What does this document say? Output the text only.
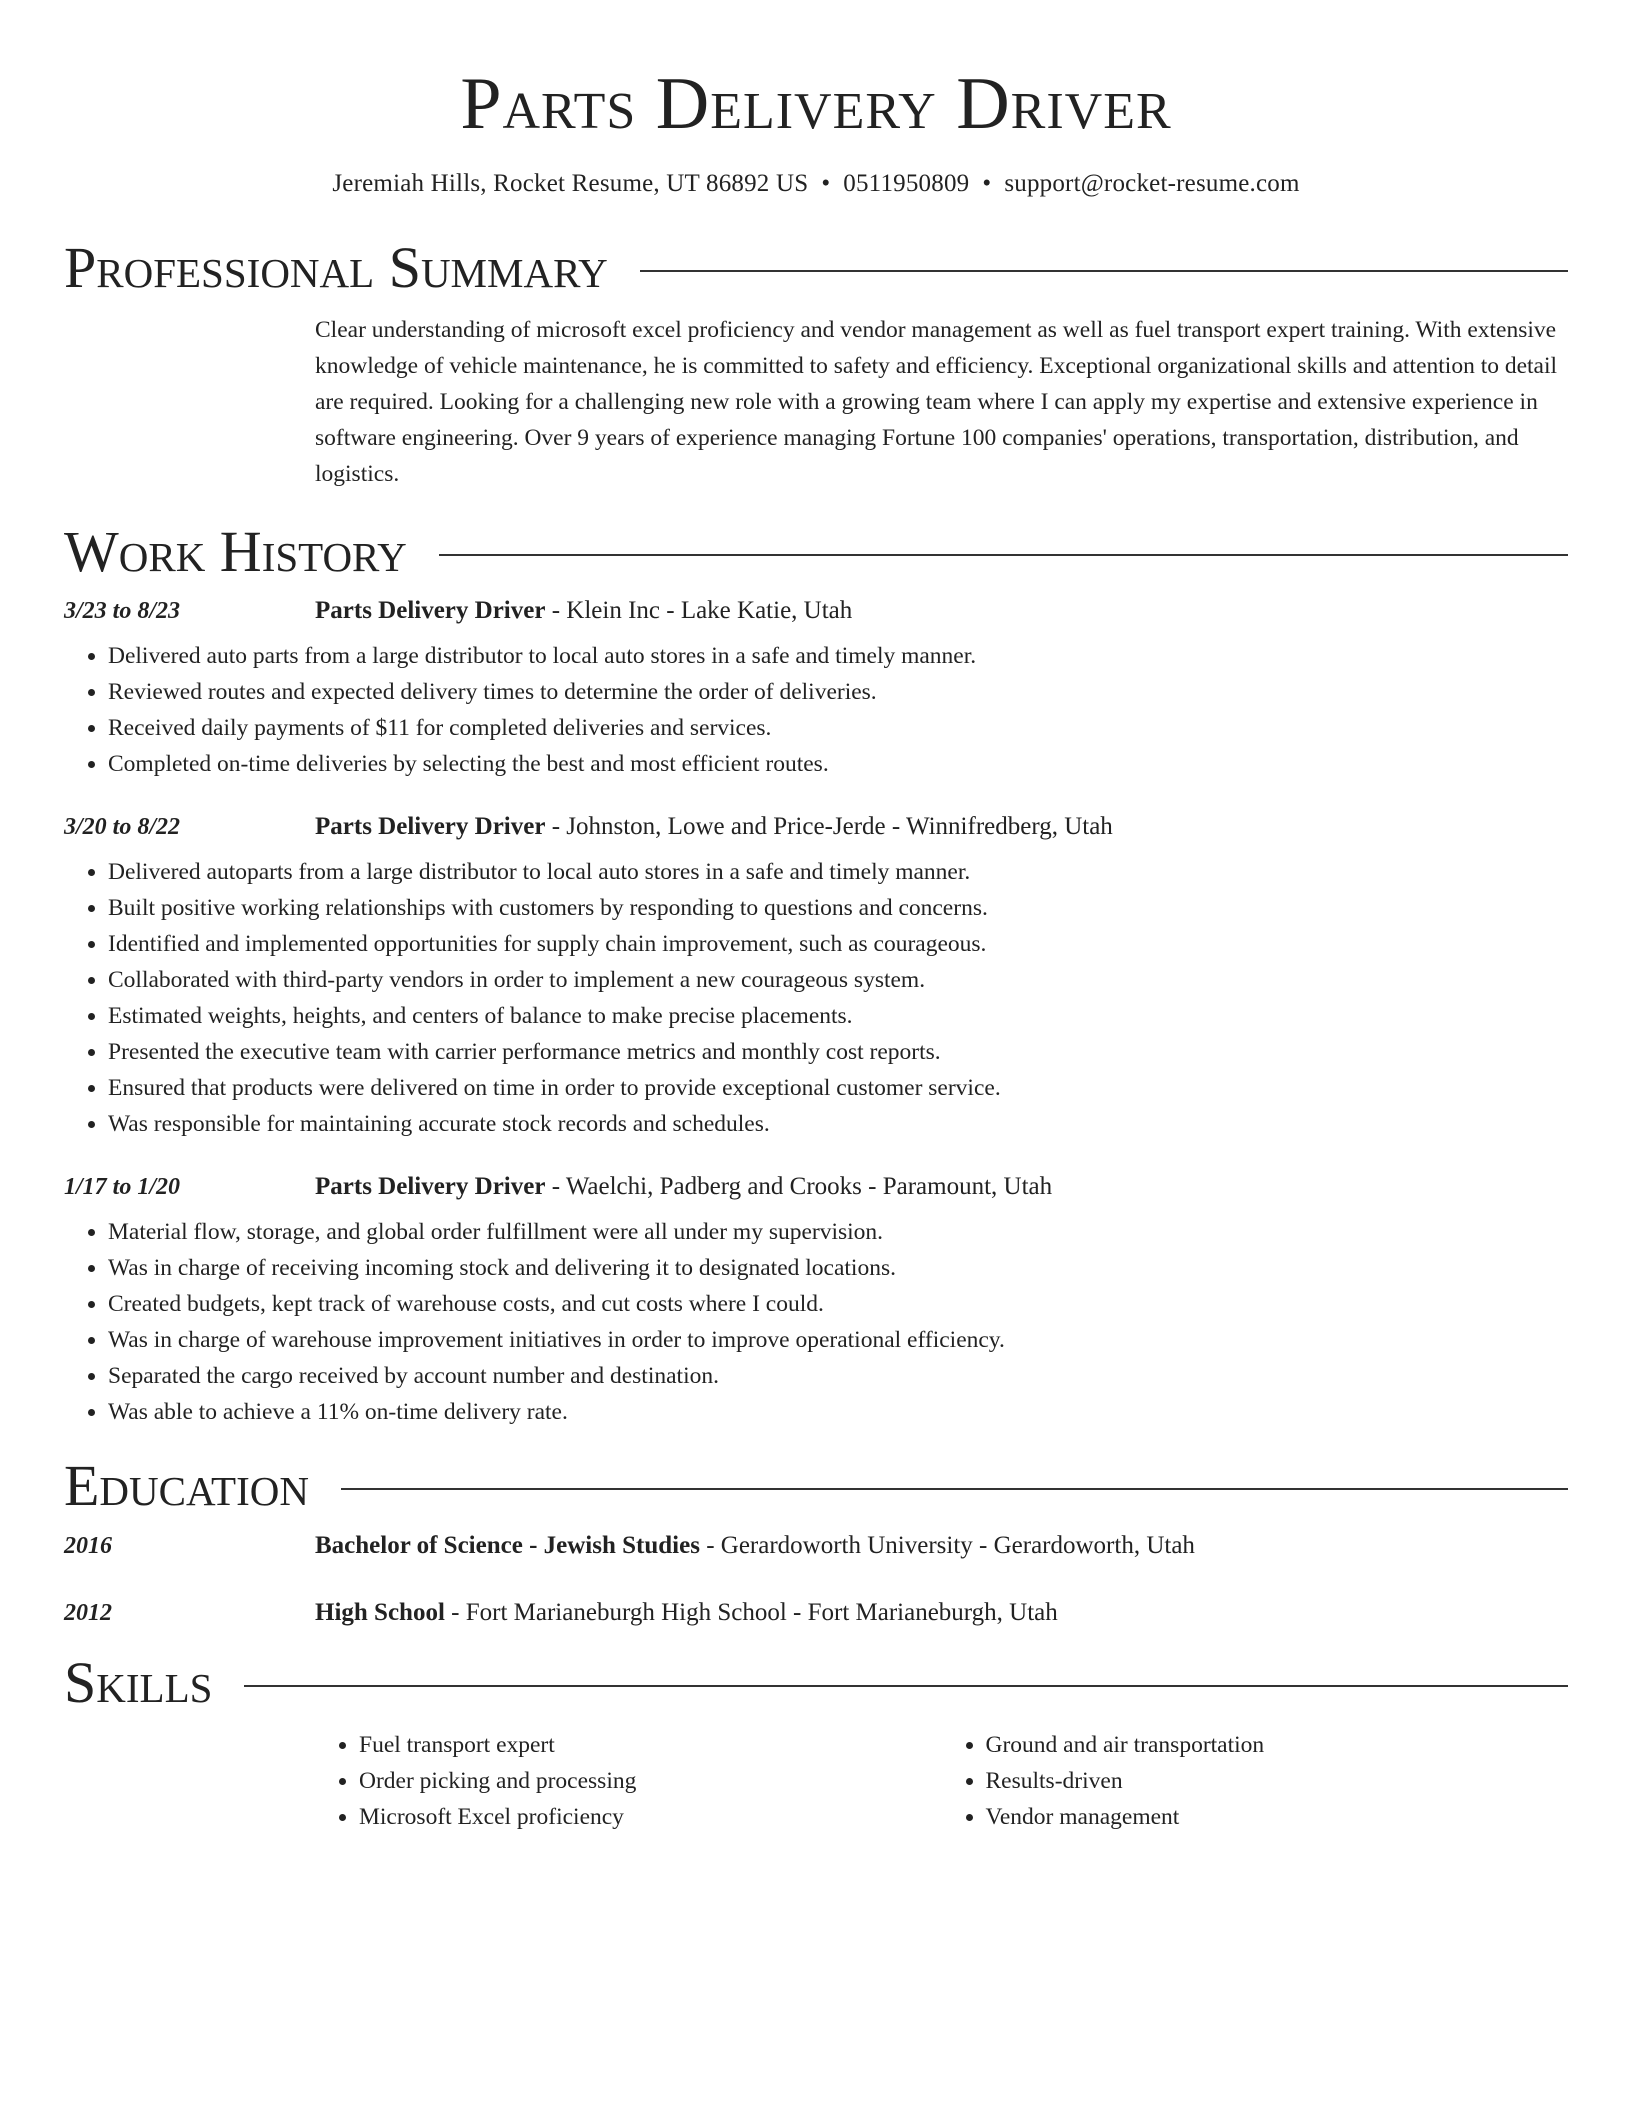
Parts Delivery Driver
Jeremiah Hills, Rocket Resume, UT 86892 US • 0511950809 • support@rocket-resume.com
Professional Summary

Clear understanding of microsoft excel proficiency and vendor management as well as fuel transport expert training. With extensive knowledge of vehicle maintenance, he is committed to safety and efficiency. Exceptional organizational skills and attention to detail are required. Looking for a challenging new role with a growing team where I can apply my expertise and extensive experience in software engineering. Over 9 years of experience managing Fortune 100 companies' operations, transportation, distribution, and logistics.

Work History
3/23 to 8/23	Parts Delivery Driver - Klein Inc - Lake Katie, Utah
• Delivered auto parts from a large distributor to local auto stores in a safe and timely manner.
• Reviewed routes and expected delivery times to determine the order of deliveries.
• Received daily payments of $11 for completed deliveries and services.
• Completed on-time deliveries by selecting the best and most efficient routes.
3/20 to 8/22	Parts Delivery Driver - Johnston, Lowe and Price-Jerde - Winnifredberg, Utah
• Delivered autoparts from a large distributor to local auto stores in a safe and timely manner.
• Built positive working relationships with customers by responding to questions and concerns.
• Identified and implemented opportunities for supply chain improvement, such as courageous.
• Collaborated with third-party vendors in order to implement a new courageous system.
• Estimated weights, heights, and centers of balance to make precise placements.
• Presented the executive team with carrier performance metrics and monthly cost reports.
• Ensured that products were delivered on time in order to provide exceptional customer service.
• Was responsible for maintaining accurate stock records and schedules.
1/17 to 1/20	Parts Delivery Driver - Waelchi, Padberg and Crooks - Paramount, Utah
• Material flow, storage, and global order fulfillment were all under my supervision.
• Was in charge of receiving incoming stock and delivering it to designated locations.
• Created budgets, kept track of warehouse costs, and cut costs where I could.
• Was in charge of warehouse improvement initiatives in order to improve operational efficiency.
• Separated the cargo received by account number and destination.
• Was able to achieve a 11% on-time delivery rate.
Education
2016	Bachelor of Science - Jewish Studies - Gerardoworth University - Gerardoworth, Utah
2012	High School - Fort Marianeburgh High School - Fort Marianeburgh, Utah
Skills
• Fuel transport expert
• Order picking and processing
• Microsoft Excel proficiency
• Ground and air transportation
• Results-driven
• Vendor management
